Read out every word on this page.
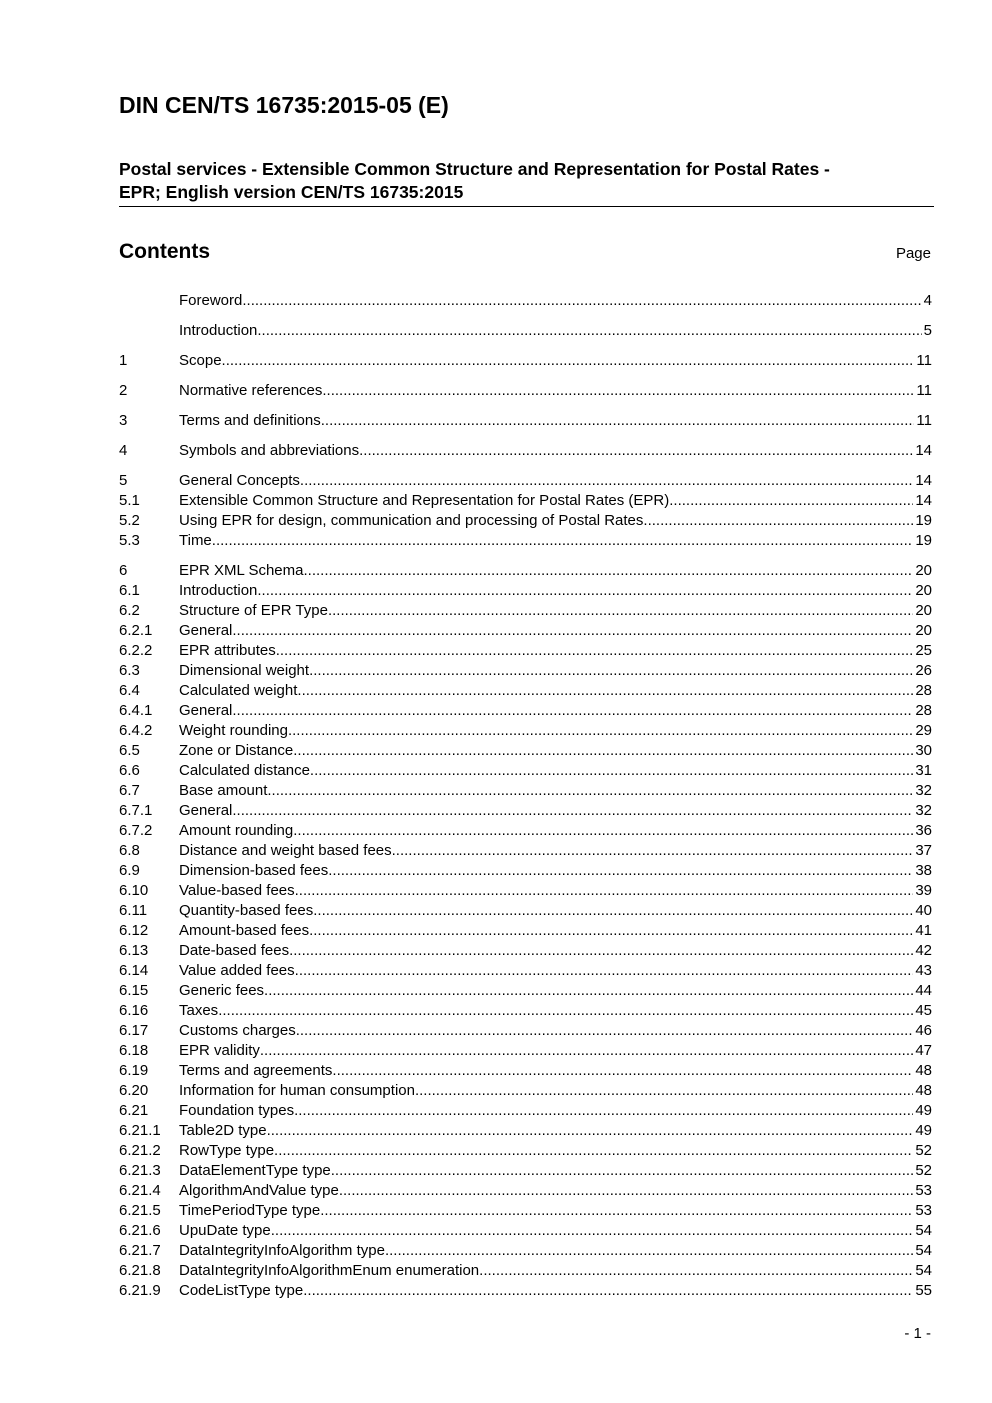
DIN CEN/TS 16735:2015-05 (E)
Postal services - Extensible Common Structure and Representation for Postal Rates -
EPR; English version CEN/TS 16735:2015
Contents	Page
Foreword .....	4
Introduction .....	5
1	Scope .....	11
2	Normative references .....	11
3	Terms and definitions .....	11
4	Symbols and abbreviations .....	14
5	General Concepts .....	14
5.1	Extensible Common Structure and Representation for Postal Rates (EPR) .....	14
5.2	Using EPR for design, communication and processing of Postal Rates .....	19
5.3	Time .....	19
6	EPR XML Schema .....	20
6.1	Introduction .....	20
6.2	Structure of EPR Type .....	20
6.2.1	General .....	20
6.2.2	EPR attributes .....	25
6.3	Dimensional weight .....	26
6.4	Calculated weight .....	28
6.4.1	General .....	28
6.4.2	Weight rounding .....	29
6.5	Zone or Distance .....	30
6.6	Calculated distance .....	31
6.7	Base amount .....	32
6.7.1	General .....	32
6.7.2	Amount rounding .....	36
6.8	Distance and weight based fees .....	37
6.9	Dimension-based fees .....	38
6.10	Value-based fees .....	39
6.11	Quantity-based fees .....	40
6.12	Amount-based fees .....	41
6.13	Date-based fees .....	42
6.14	Value added fees .....	43
6.15	Generic fees .....	44
6.16	Taxes .....	45
6.17	Customs charges .....	46
6.18	EPR validity .....	47
6.19	Terms and agreements .....	48
6.20	Information for human consumption .....	48
6.21	Foundation types .....	49
6.21.1	Table2D type .....	49
6.21.2	RowType type .....	52
6.21.3	DataElementType type .....	52
6.21.4	AlgorithmAndValue type .....	53
6.21.5	TimePeriodType type .....	53
6.21.6	UpuDate type .....	54
6.21.7	DataIntegrityInfoAlgorithm type .....	54
6.21.8	DataIntegrityInfoAlgorithmEnum enumeration .....	54
6.21.9	CodeListType type .....	55
- 1 -
